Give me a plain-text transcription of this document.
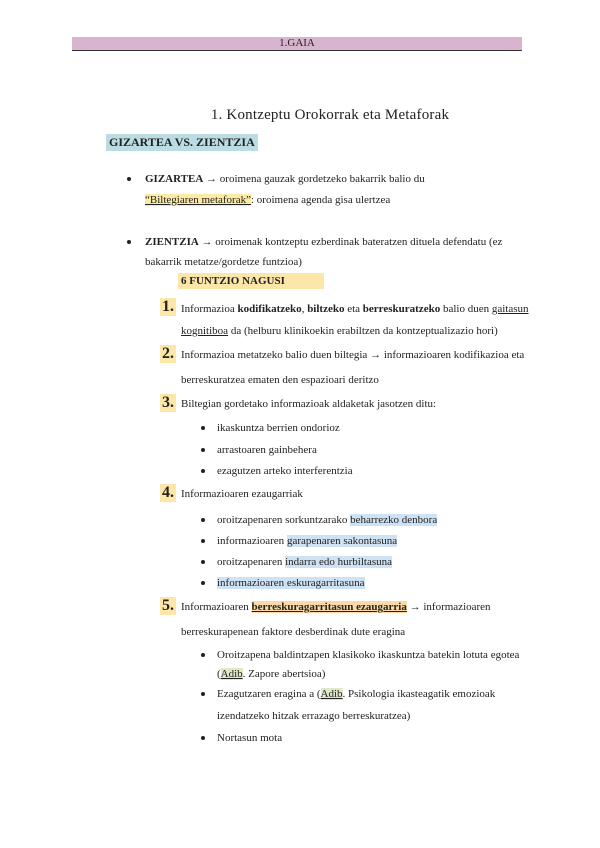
1.GAIA
1. Kontzeptu Orokorrak eta Metaforak
GIZARTEA VS. ZIENTZIA
GIZARTEA → oroimena gauzak gordetzeko bakarrik balio du
“Biltegiaren metaforak”: oroimena agenda gisa ulertzea
ZIENTZIA → oroimenak kontzeptu ezberdinak bateratzen dituela defendatu (ez
bakarrik metatze/gordetze funtzioa)
6 FUNTZIO NAGUSI
1. Informazioa kodifikatzeko, biltzeko eta berreskuratzeko balio duen gaitasun
kognitiboa da (helburu klinikoekin erabiltzen da kontzeptualizazio hori)
2. Informazioa metatzeko balio duen biltegia → informazioaren kodifikazioa eta
berreskuratzea ematen den espazioari deritzo
3. Biltegian gordetako informazioak aldaketak jasotzen ditu:
ikaskuntza berrien ondorioz
arrastoaren gainbehera
ezagutzen arteko interferentzia
4. Informazioaren ezaugarriak
oroitzapenaren sorkuntzarako beharrezko denbora
informazioaren garapenaren sakontasuna
oroitzapenaren indarra edo hurbiltasuna
informazioaren eskuragarritasuna
5. Informazioaren berreskuragarritasun ezaugarria → informazioaren
berreskurapenean faktore desberdinak dute eragina
Oroitzapena baldintzapen klasikoko ikaskuntza batekin lotuta egotea
(Adib. Zapore abertsioa)
Ezagutzaren eragina a (Adib. Psikologia ikasteagatik emozioak
izendatzeko hitzak errazago berreskuratzea)
Nortasun mota
